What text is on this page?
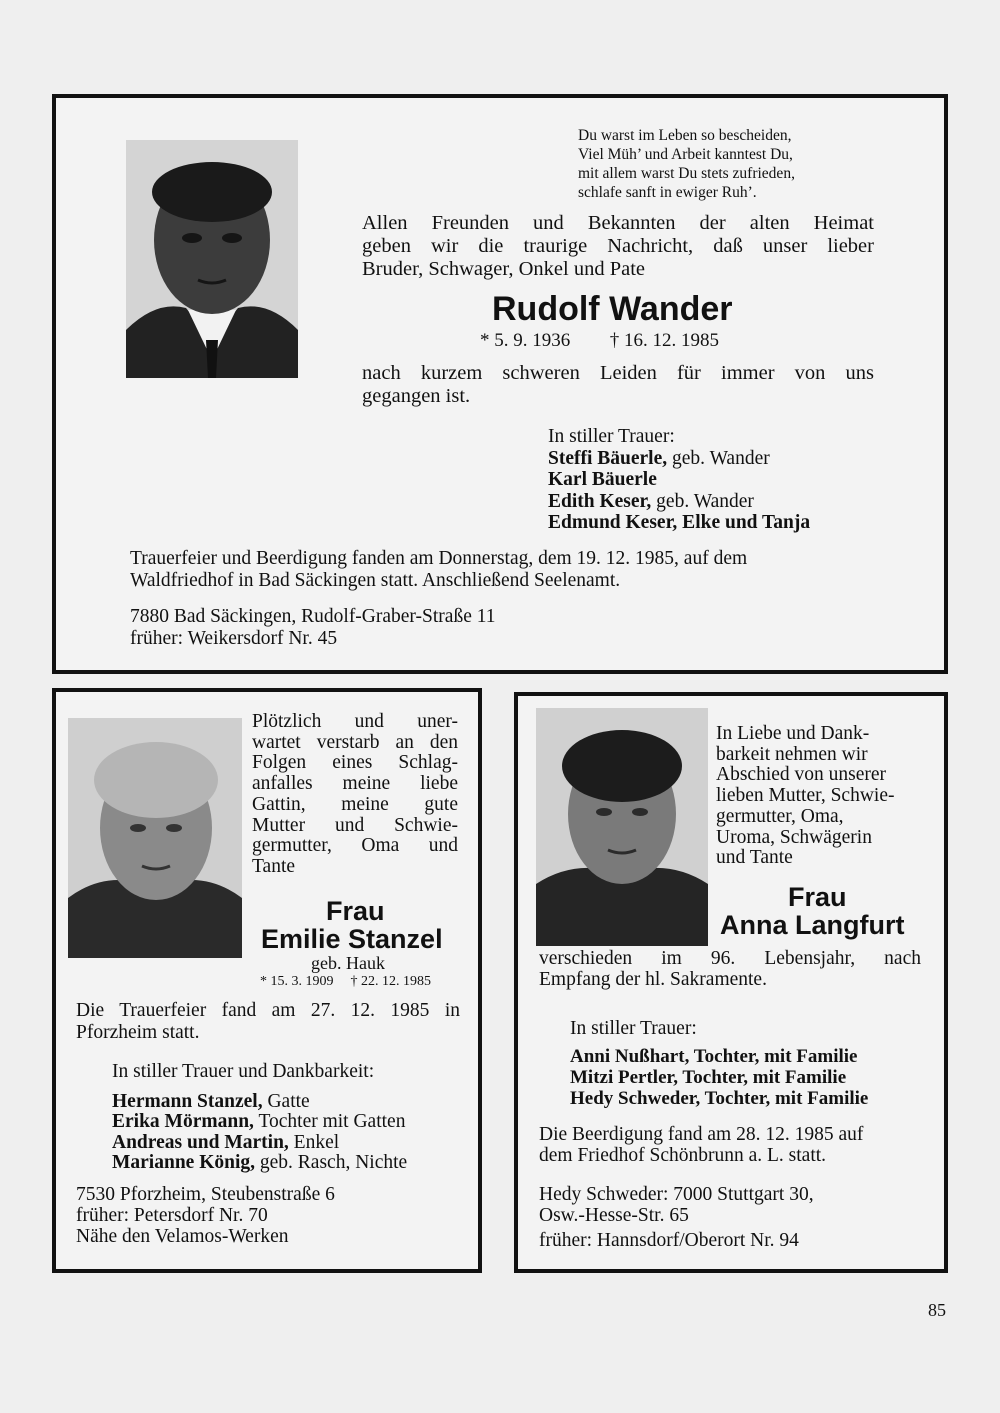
Du warst im Leben so bescheiden,
Viel Müh’ und Arbeit kanntest Du,
mit allem warst Du stets zufrieden,
schlafe sanft in ewiger Ruh’.
Allen Freunden und Bekannten der alten Heimat
geben wir die traurige Nachricht, daß unser lieber
Bruder, Schwager, Onkel und Pate
Rudolf Wander
* 5. 9. 1936 † 16. 12. 1985
nach kurzem schweren Leiden für immer von uns
gegangen ist.
In stiller Trauer:
Steffi Bäuerle, geb. Wander
Karl Bäuerle
Edith Keser, geb. Wander
Edmund Keser, Elke und Tanja
Trauerfeier und Beerdigung fanden am Donnerstag, dem 19. 12. 1985, auf dem
Waldfriedhof in Bad Säckingen statt. Anschließend Seelenamt.
7880 Bad Säckingen, Rudolf-Graber-Straße 11
früher: Weikersdorf Nr. 45
Plötzlich und uner-
wartet verstarb an den
Folgen eines Schlag-
anfalles meine liebe
Gattin, meine gute
Mutter und Schwie-
germutter, Oma und
Tante
Frau
Emilie Stanzel
geb. Hauk
* 15. 3. 1909 † 22. 12. 1985
Die Trauerfeier fand am 27. 12. 1985 in
Pforzheim statt.
In stiller Trauer und Dankbarkeit:
Hermann Stanzel, Gatte
Erika Mörmann, Tochter mit Gatten
Andreas und Martin, Enkel
Marianne König, geb. Rasch, Nichte
7530 Pforzheim, Steubenstraße 6
früher: Petersdorf Nr. 70
Nähe den Velamos-Werken
In Liebe und Dank-
barkeit nehmen wir
Abschied von unserer
lieben Mutter, Schwie-
germutter, Oma,
Uroma, Schwägerin
und Tante
Frau
Anna Langfurt
verschieden im 96. Lebensjahr, nach
Empfang der hl. Sakramente.
In stiller Trauer:
Anni Nußhart, Tochter, mit Familie
Mitzi Pertler, Tochter, mit Familie
Hedy Schweder, Tochter, mit Familie
Die Beerdigung fand am 28. 12. 1985 auf
dem Friedhof Schönbrunn a. L. statt.
Hedy Schweder: 7000 Stuttgart 30,
Osw.-Hesse-Str. 65
früher: Hannsdorf/Oberort Nr. 94
85
